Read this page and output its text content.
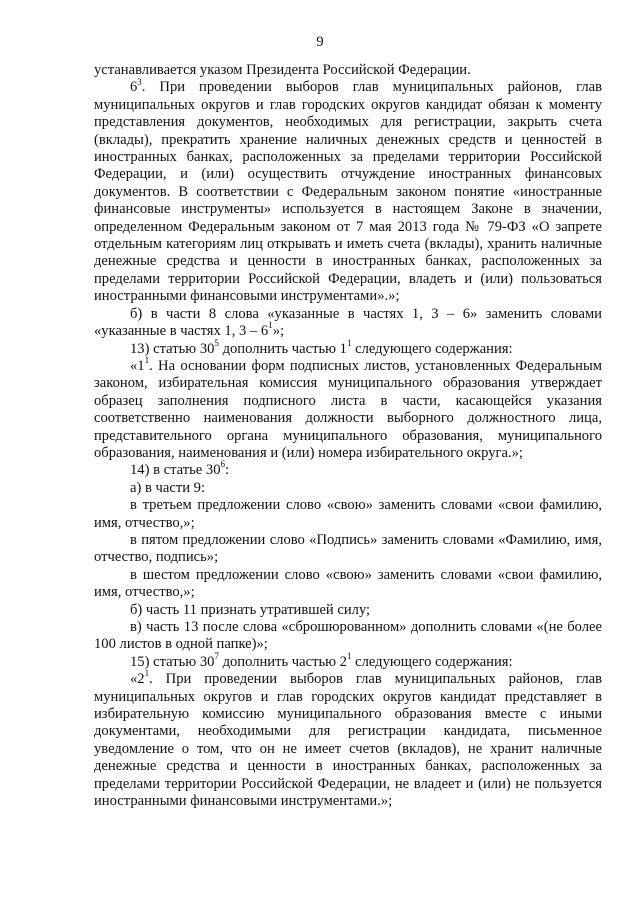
9

устанавливается указом Президента Российской Федерации.

$6^3$. При проведении выборов глав муниципальных районов, глав муниципальных округов и глав городских округов кандидат обязан к моменту представления документов, необходимых для регистрации, закрыть счета (вклады), прекратить хранение наличных денежных средств и ценностей в иностранных банках, расположенных за пределами территории Российской Федерации, и (или) осуществить отчуждение иностранных финансовых документов. В соответствии с Федеральным законом понятие «иностранные финансовые инструменты» используется в настоящем Законе в значении, определенном Федеральным законом от 7 мая 2013 года № 79-ФЗ «О запрете отдельным категориям лиц открывать и иметь счета (вклады), хранить наличные денежные средства и ценности в иностранных банках, расположенных за пределами территории Российской Федерации, владеть и (или) пользоваться иностранными финансовыми инструментами».»;

б) в части 8 слова «указанные в частях 1, 3 – 6» заменить словами «указанные в частях 1, $3 - 6^1$»;

13) статью $30^5$ дополнить частью $1^1$ следующего содержания:

«$1^1$. На основании форм подписных листов, установленных Федеральным законом, избирательная комиссия муниципального образования утверждает образец заполнения подписного листа в части, касающейся указания соответственно наименования должности выборного должностного лица, представительного органа муниципального образования, муниципального образования, наименования и (или) номера избирательного округа.»;

14) в статье $30^6$:

а) в части 9:

в третьем предложении слово «свою» заменить словами «свои фамилию, имя, отчество,»;

в пятом предложении слово «Подпись» заменить словами «Фамилию, имя, отчество, подпись»;

в шестом предложении слово «свою» заменить словами «свои фамилию, имя, отчество,»;

б) часть 11 признать утратившей силу;

в) часть 13 после слова «сброшюрованном» дополнить словами «(не более 100 листов в одной папке)»;

15) статью $30^7$ дополнить частью $2^1$ следующего содержания:

«$2^1$. При проведении выборов глав муниципальных районов, глав муниципальных округов и глав городских округов кандидат представляет в избирательную комиссию муниципального образования вместе с иными документами, необходимыми для регистрации кандидата, письменное уведомление о том, что он не имеет счетов (вкладов), не хранит наличные денежные средства и ценности в иностранных банках, расположенных за пределами территории Российской Федерации, не владеет и (или) не пользуется иностранными финансовыми инструментами.»;
